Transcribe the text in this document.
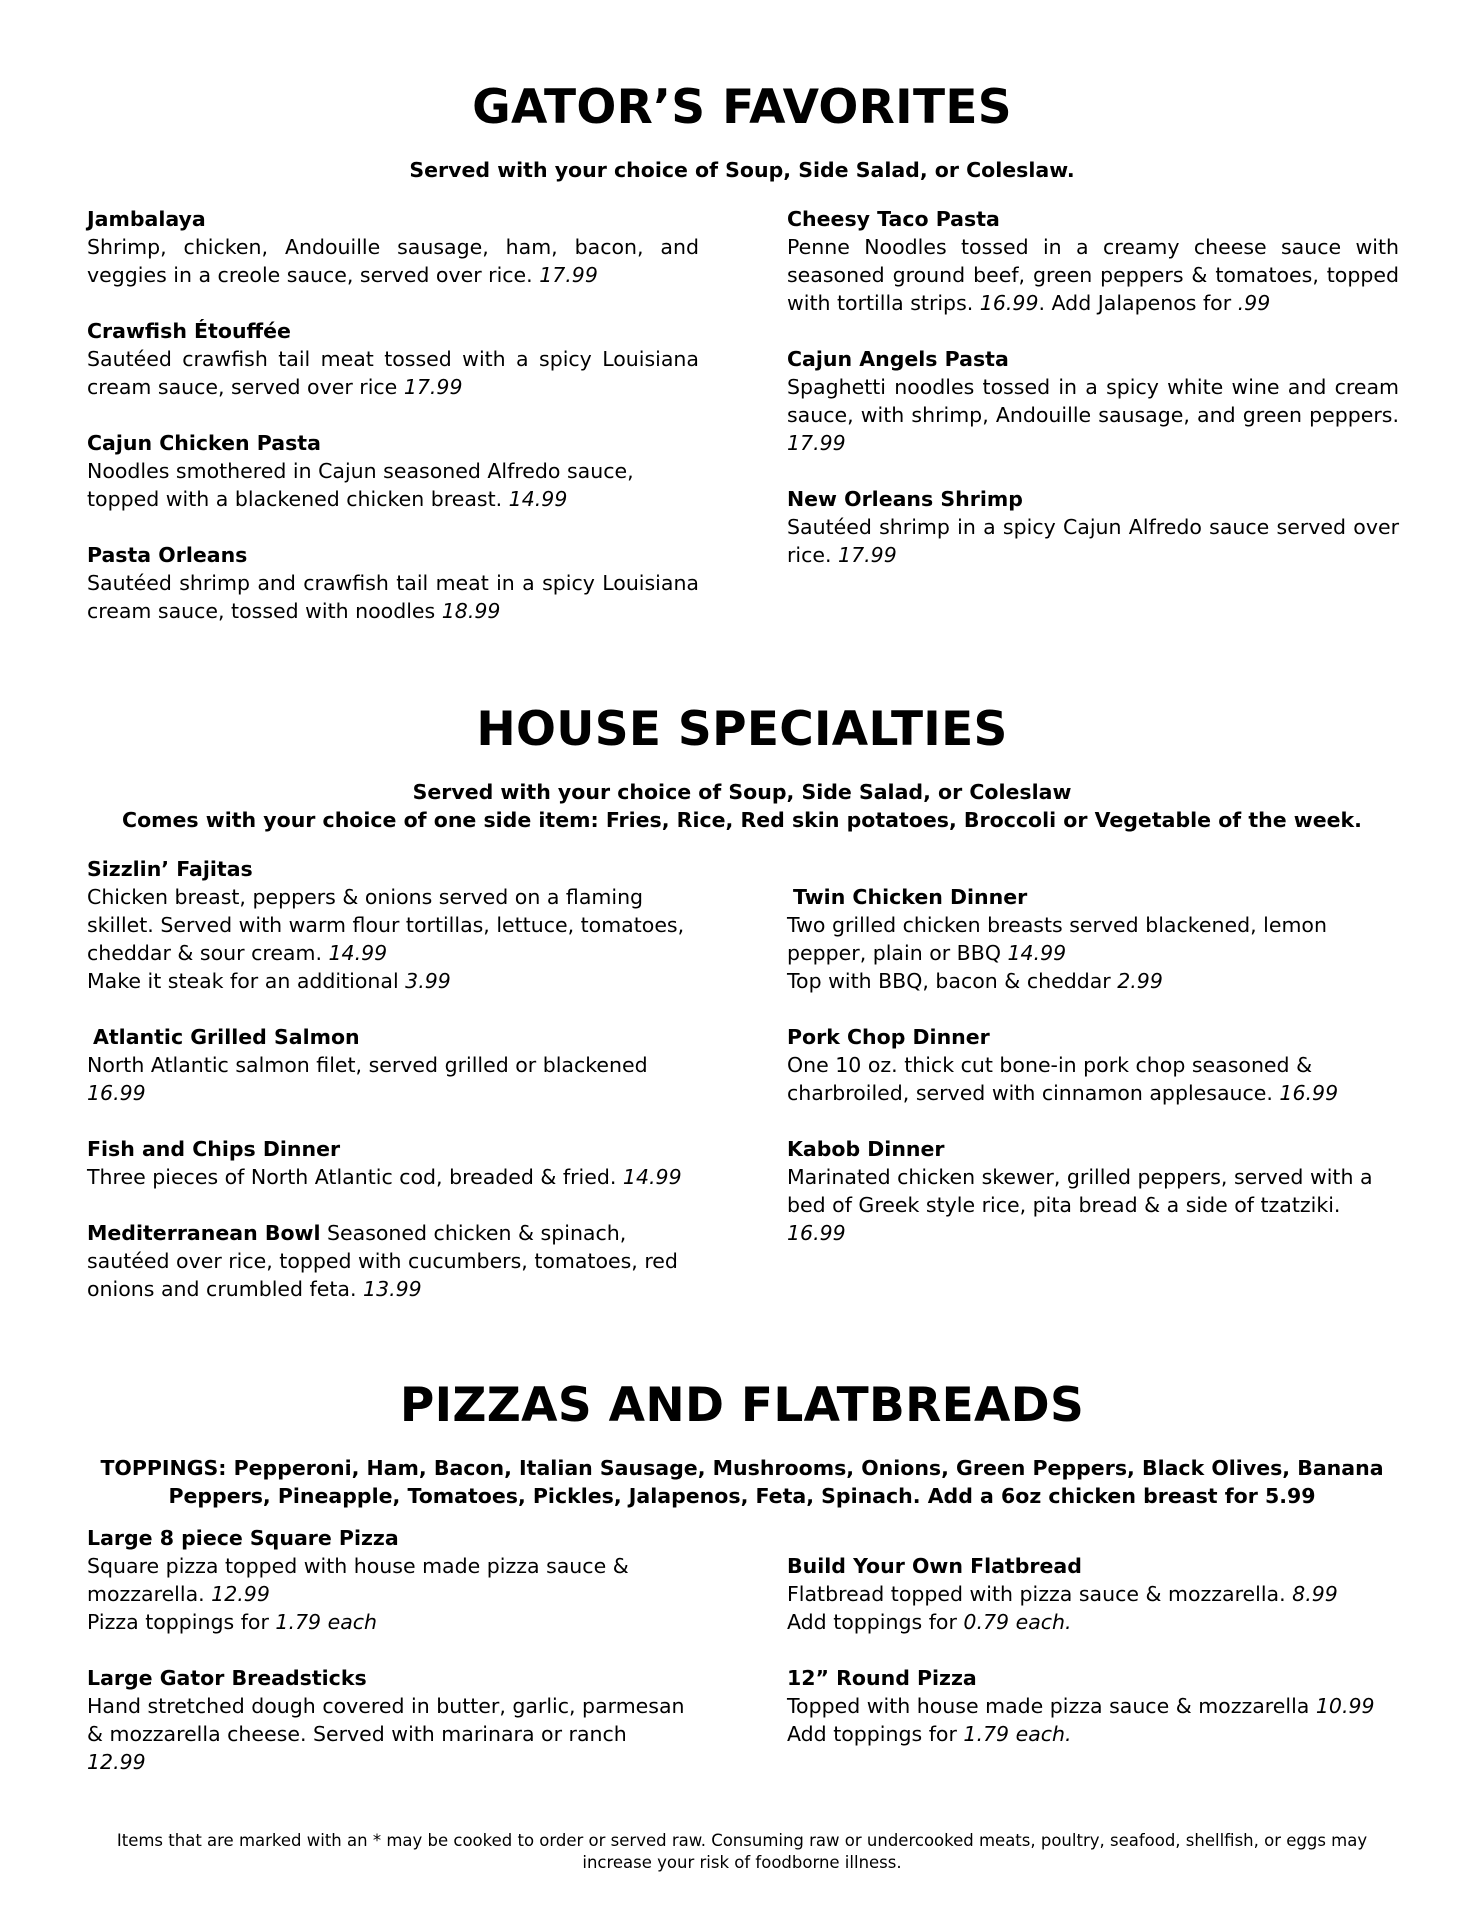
GATOR’S FAVORITES

Served with your choice of Soup, Side Salad, or Coleslaw.

Jambalaya
Shrimp, chicken, Andouille sausage, ham, bacon, and veggies in a creole sauce, served over rice. 17.99
Crawfish Étouffée
Sautéed crawfish tail meat tossed with a spicy Louisiana cream sauce, served over rice 17.99
Cajun Chicken Pasta
Noodles smothered in Cajun seasoned Alfredo sauce, topped with a blackened chicken breast. 14.99
Pasta Orleans
Sautéed shrimp and crawfish tail meat in a spicy Louisiana cream sauce, tossed with noodles 18.99
Cheesy Taco Pasta
Penne Noodles tossed in a creamy cheese sauce with seasoned ground beef, green peppers & tomatoes, topped with tortilla strips. 16.99. Add Jalapenos for .99
Cajun Angels Pasta
Spaghetti noodles tossed in a spicy white wine and cream sauce, with shrimp, Andouille sausage, and green peppers. 17.99
New Orleans Shrimp
Sautéed shrimp in a spicy Cajun Alfredo sauce served over rice. 17.99
HOUSE SPECIALTIES

Served with your choice of Soup, Side Salad, or Coleslaw

Comes with your choice of one side item: Fries, Rice, Red skin potatoes, Broccoli or Vegetable of the week.

Sizzlin’ Fajitas
Chicken breast, peppers & onions served on a flaming skillet. Served with warm flour tortillas, lettuce, tomatoes, cheddar & sour cream. 14.99
Make it steak for an additional 3.99
Atlantic Grilled Salmon
North Atlantic salmon filet, served grilled or blackened 16.99
Fish and Chips Dinner
Three pieces of North Atlantic cod, breaded & fried. 14.99
Mediterranean Bowl Seasoned chicken & spinach, sautéed over rice, topped with cucumbers, tomatoes, red onions and crumbled feta. 13.99
Twin Chicken Dinner
Two grilled chicken breasts served blackened, lemon pepper, plain or BBQ 14.99
Top with BBQ, bacon & cheddar 2.99
Pork Chop Dinner
One 10 oz. thick cut bone-in pork chop seasoned & charbroiled, served with cinnamon applesauce. 16.99
Kabob Dinner
Marinated chicken skewer, grilled peppers, served with a bed of Greek style rice, pita bread & a side of tzatziki. 16.99
PIZZAS AND FLATBREADS

TOPPINGS: Pepperoni, Ham, Bacon, Italian Sausage, Mushrooms, Onions, Green Peppers, Black Olives, Banana Peppers, Pineapple, Tomatoes, Pickles, Jalapenos, Feta, Spinach. Add a 6oz chicken breast for 5.99

Large 8 piece Square Pizza
Square pizza topped with house made pizza sauce & mozzarella. 12.99
Pizza toppings for 1.79 each
Large Gator Breadsticks
Hand stretched dough covered in butter, garlic, parmesan & mozzarella cheese. Served with marinara or ranch 12.99
Build Your Own Flatbread
Flatbread topped with pizza sauce & mozzarella. 8.99
Add toppings for 0.79 each.
12” Round Pizza
Topped with house made pizza sauce & mozzarella 10.99
Add toppings for 1.79 each.
Items that are marked with an * may be cooked to order or served raw. Consuming raw or undercooked meats, poultry, seafood, shellfish, or eggs may increase your risk of foodborne illness.
